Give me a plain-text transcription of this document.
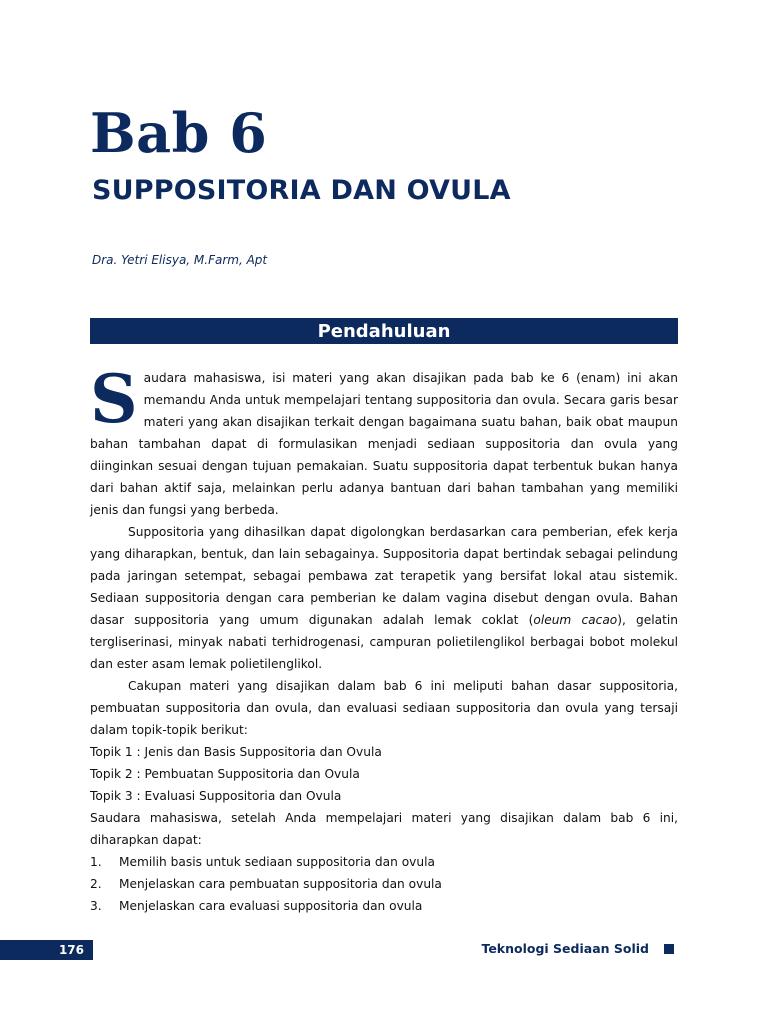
Bab 6
SUPPOSITORIA DAN OVULA
Dra. Yetri Elisya, M.Farm, Apt
Pendahuluan

Saudara mahasiswa, isi materi yang akan disajikan pada bab ke 6 (enam) ini akan memandu Anda untuk mempelajari tentang suppositoria dan ovula. Secara garis besar materi yang akan disajikan terkait dengan bagaimana suatu bahan, baik obat maupun bahan tambahan dapat di formulasikan menjadi sediaan suppositoria dan ovula yang diinginkan sesuai dengan tujuan pemakaian. Suatu suppositoria dapat terbentuk bukan hanya dari bahan aktif saja, melainkan perlu adanya bantuan dari bahan tambahan yang memiliki jenis dan fungsi yang berbeda.

Suppositoria yang dihasilkan dapat digolongkan berdasarkan cara pemberian, efek kerja yang diharapkan, bentuk, dan lain sebagainya. Suppositoria dapat bertindak sebagai pelindung pada jaringan setempat, sebagai pembawa zat terapetik yang bersifat lokal atau sistemik. Sediaan suppositoria dengan cara pemberian ke dalam vagina disebut dengan ovula. Bahan dasar suppositoria yang umum digunakan adalah lemak coklat (oleum cacao), gelatin tergliserinasi, minyak nabati terhidrogenasi, campuran polietilenglikol berbagai bobot molekul dan ester asam lemak polietilenglikol.

Cakupan materi yang disajikan dalam bab 6 ini meliputi bahan dasar suppositoria, pembuatan suppositoria dan ovula, dan evaluasi sediaan suppositoria dan ovula yang tersaji dalam topik-topik berikut:

Topik 1 : Jenis dan Basis Suppositoria dan Ovula
Topik 2 : Pembuatan Suppositoria dan Ovula
Topik 3 : Evaluasi Suppositoria dan Ovula

Saudara mahasiswa, setelah Anda mempelajari materi yang disajikan dalam bab 6 ini, diharapkan dapat:

1.	Memilih basis untuk sediaan suppositoria dan ovula
2.	Menjelaskan cara pembuatan suppositoria dan ovula
3.	Menjelaskan cara evaluasi suppositoria dan ovula
176	Teknologi Sediaan Solid
